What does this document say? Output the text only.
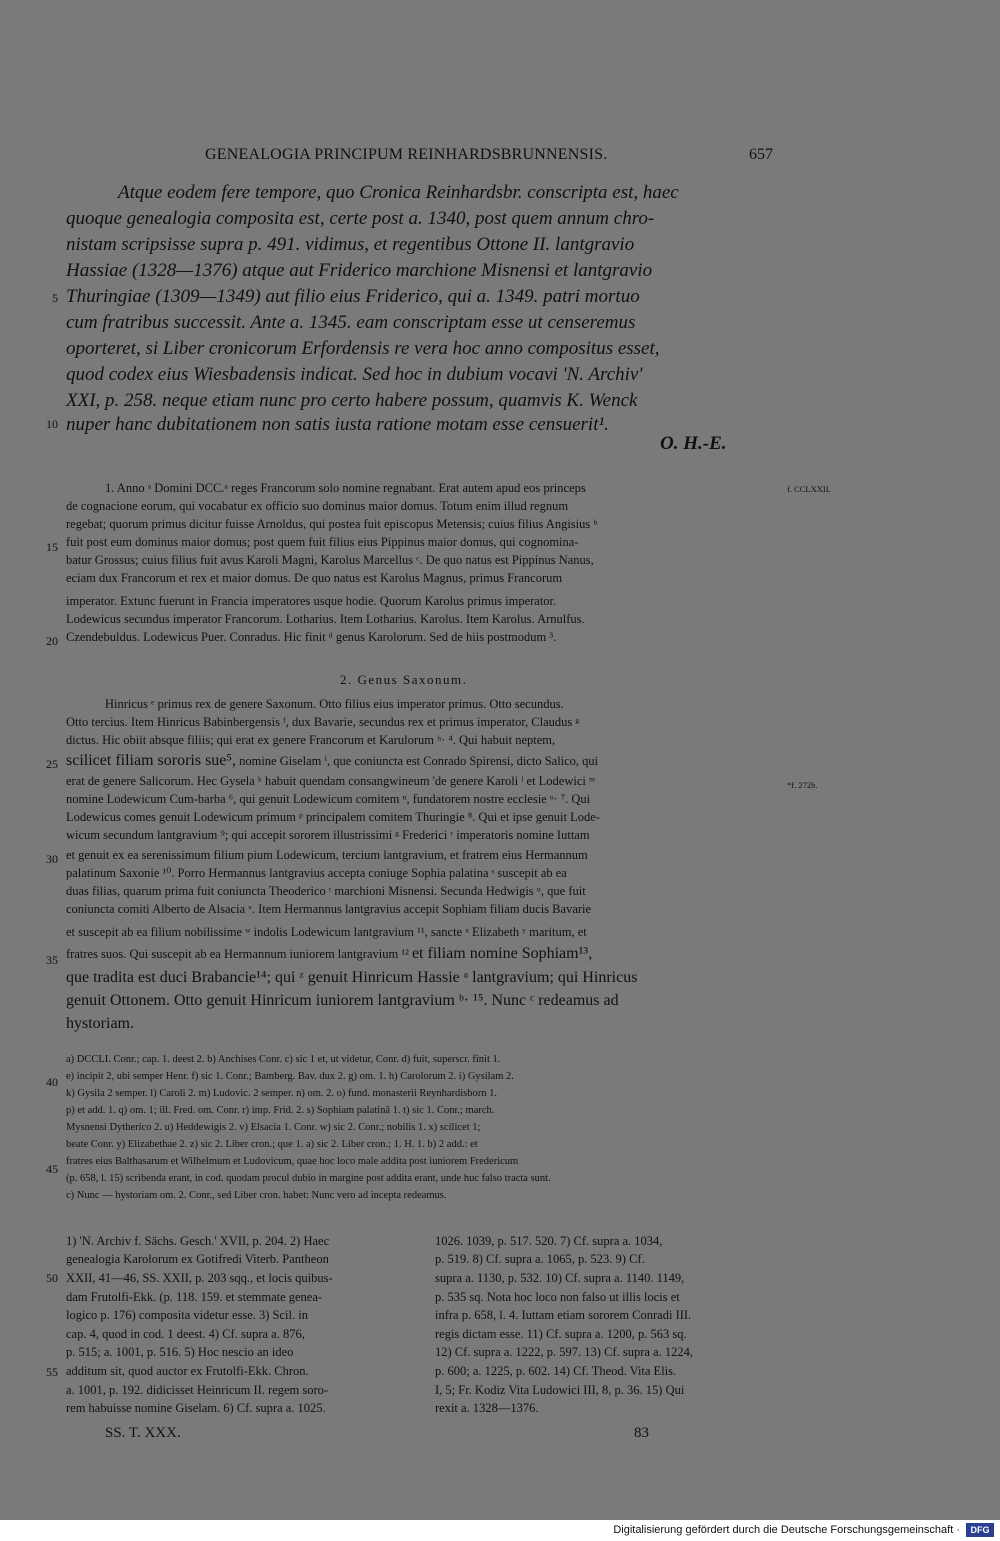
GENEALOGIA PRINCIPUM REINHARDSBRUNNENSIS.	657
Atque eodem fere tempore, quo Cronica Reinhardsbr. conscripta est, haec
quoque genealogia composita est, certe post a. 1340, post quem annum chro-
nistam scripsisse supra p. 491. vidimus, et regentibus Ottone II. lantgravio
Hassiae (1328—1376) atque aut Friderico marchione Misnensi et lantgravio
Thuringiae (1309—1349) aut filio eius Friderico, qui a. 1349. patri mortuo
cum fratribus successit. Ante a. 1345. eam conscriptam esse ut censeremus
oporteret, si Liber cronicorum Erfordensis re vera hoc anno compositus esset,
quod codex eius Wiesbadensis indicat. Sed hoc in dubium vocavi 'N. Archiv'
XXI, p. 258. neque etiam nunc pro certo habere possum, quamvis K. Wenck
nuper hanc dubitationem non satis iusta ratione motam esse censuerit¹.
O. H.-E.
5
10
15
20
25
30
35
40
45
50
55
f. CCLXXII.
*f. 272b.
1. Anno ᵃ Domini DCC.ᵃ reges Francorum solo nomine regnabant. Erat autem apud eos princeps
de cognacione eorum, qui vocabatur ex officio suo dominus maior domus. Totum enim illud regnum
regebat; quorum primus dicitur fuisse Arnoldus, qui postea fuit episcopus Metensis; cuius filius Angisius ᵇ
fuit post eum dominus maior domus; post quem fuit filius eius Pippinus maior domus, qui cognomina-
batur Grossus; cuius filius fuit avus Karoli Magni, Karolus Marcellus ᶜ. De quo natus est Pippinus Nanus,
eciam dux Francorum et rex et maior domus. De quo natus est Karolus Magnus, primus Francorum
imperator. Extunc fuerunt in Francia imperatores usque hodie. Quorum Karolus primus imperator.
Lodewicus secundus imperator Francorum. Lotharius. Item Lotharius. Karolus. Item Karolus. Arnulfus.
Czendebuldus. Lodewicus Puer. Conradus. Hic finit ᵈ genus Karolorum. Sed de hiis postmodum ³.
2. Genus Saxonum.
Hinricus ᵉ primus rex de genere Saxonum. Otto filius eius imperator primus. Otto secundus.
Otto tercius. Item Hinricus Babinbergensis ᶠ, dux Bavarie, secundus rex et primus imperator, Claudus ᵍ
dictus. Hic obiit absque filiis; qui erat ex genere Francorum et Karulorum ʰ· ⁴. Qui habuit neptem,
scilicet filiam sororis sue⁵, nomine Giselam ⁱ, que coniuncta est Conrado Spirensi, dicto Salico, qui
erat de genere Salicorum. Hec Gysela ᵏ habuit quendam consangwineum 'de genere Karoli ˡ et Lodewici ᵐ
nomine Lodewicum Cum-barba ⁶, qui genuit Lodewicum comitem ⁿ, fundatorem nostre ecclesie ᵒ· ⁷. Qui
Lodewicus comes genuit Lodewicum primum ᵖ principalem comitem Thuringie ⁸. Qui et ipse genuit Lode-
wicum secundum lantgravium ⁹; qui accepit sororem illustrissimi ᵍ Frederici ʳ imperatoris nomine Iuttam
et genuit ex ea serenissimum filium pium Lodewicum, tercium lantgravium, et fratrem eius Hermannum
palatinum Saxonie ¹⁰. Porro Hermannus lantgravius accepta coniuge Sophia palatina ˢ suscepit ab ea
duas filias, quarum prima fuit coniuncta Theoderico ᵗ marchioni Misnensi. Secunda Hedwigis ᵘ, que fuit
coniuncta comiti Alberto de Alsacia ᵛ. Item Hermannus lantgravius accepit Sophiam filiam ducis Bavarie
et suscepit ab ea filium nobilissime ʷ indolis Lodewicum lantgravium ¹¹, sancte ˣ Elizabeth ʸ maritum, et
fratres suos. Qui suscepit ab ea Hermannum iuniorem lantgravium ¹² et filiam nomine Sophiam¹³,
que tradita est duci Brabancie¹⁴; qui ᶻ genuit Hinricum Hassie ᵃ lantgravium; qui Hinricus
genuit Ottonem. Otto genuit Hinricum iuniorem lantgravium ᵇ· ¹⁵. Nunc ᶜ redeamus ad
hystoriam.
a) DCCLI. Conr.; cap. 1. deest 2. b) Anchises Conr. c) sic 1 et, ut videtur, Conr. d) fuit, superscr. finit 1.
e) incipit 2, ubi semper Henr. f) sic 1. Conr.; Bamberg. Bav. dux 2. g) om. 1. h) Carolorum 2. i) Gysilam 2.
k) Gysila 2 semper. l) Caroli 2. m) Ludovic. 2 semper. n) om. 2. o) fund. monasterii Reynhardisborn 1.
p) et add. 1. q) om. 1; ill. Fred. om. Conr. r) imp. Frid. 2. s) Sophiam palatinā 1. t) sic 1. Conr.; march.
Mysnensi Dytherico 2. u) Heddewigis 2. v) Elsacia 1. Conr. w) sic 2. Conr.; nobilis 1. x) scilicet 1;
beate Conr. y) Elizabethae 2. z) sic 2. Liber cron.; que 1. a) sic 2. Liber cron.; 1. H. 1. b) 2 add.: et
fratres eius Balthasarum et Wilhelmum et Ludovicum, quae hoc loco male addita post iuniorem Fredericum
(p. 658, l. 15) scribenda erant, in cod. quodam procul dubio in margine post addita erant, unde huc falso tracta sunt.
c) Nunc — hystoriam om. 2. Conr., sed Liber cron. habet: Nunc vero ad incepta redeamus.
1) 'N. Archiv f. Sächs. Gesch.' XVII, p. 204. 2) Haec
genealogia Karolorum ex Gotifredi Viterb. Pantheon
XXII, 41—46, SS. XXII, p. 203 sqq., et locis quibus-
dam Frutolfi-Ekk. (p. 118. 159. et stemmate genea-
logico p. 176) composita videtur esse. 3) Scil. in
cap. 4, quod in cod. 1 deest. 4) Cf. supra a. 876,
p. 515; a. 1001, p. 516. 5) Hoc nescio an ideo
additum sit, quod auctor ex Frutolfi-Ekk. Chron.
a. 1001, p. 192. didicisset Heinricum II. regem soro-
rem habuisse nomine Giselam. 6) Cf. supra a. 1025.
1026. 1039, p. 517. 520. 7) Cf. supra a. 1034,
p. 519. 8) Cf. supra a. 1065, p. 523. 9) Cf.
supra a. 1130, p. 532. 10) Cf. supra a. 1140. 1149,
p. 535 sq. Nota hoc loco non falso ut illis locis et
infra p. 658, l. 4. Iuttam etiam sororem Conradi III.
regis dictam esse. 11) Cf. supra a. 1200, p. 563 sq.
12) Cf. supra a. 1222, p. 597. 13) Cf. supra a. 1224,
p. 600; a. 1225, p. 602. 14) Cf. Theod. Vita Elis.
I, 5; Fr. Kodiz Vita Ludowici III, 8, p. 36. 15) Qui
rexit a. 1328—1376.
SS. T. XXX.	83
Digitalisierung gefördert durch die Deutsche Forschungsgemeinschaft ·	DFG
